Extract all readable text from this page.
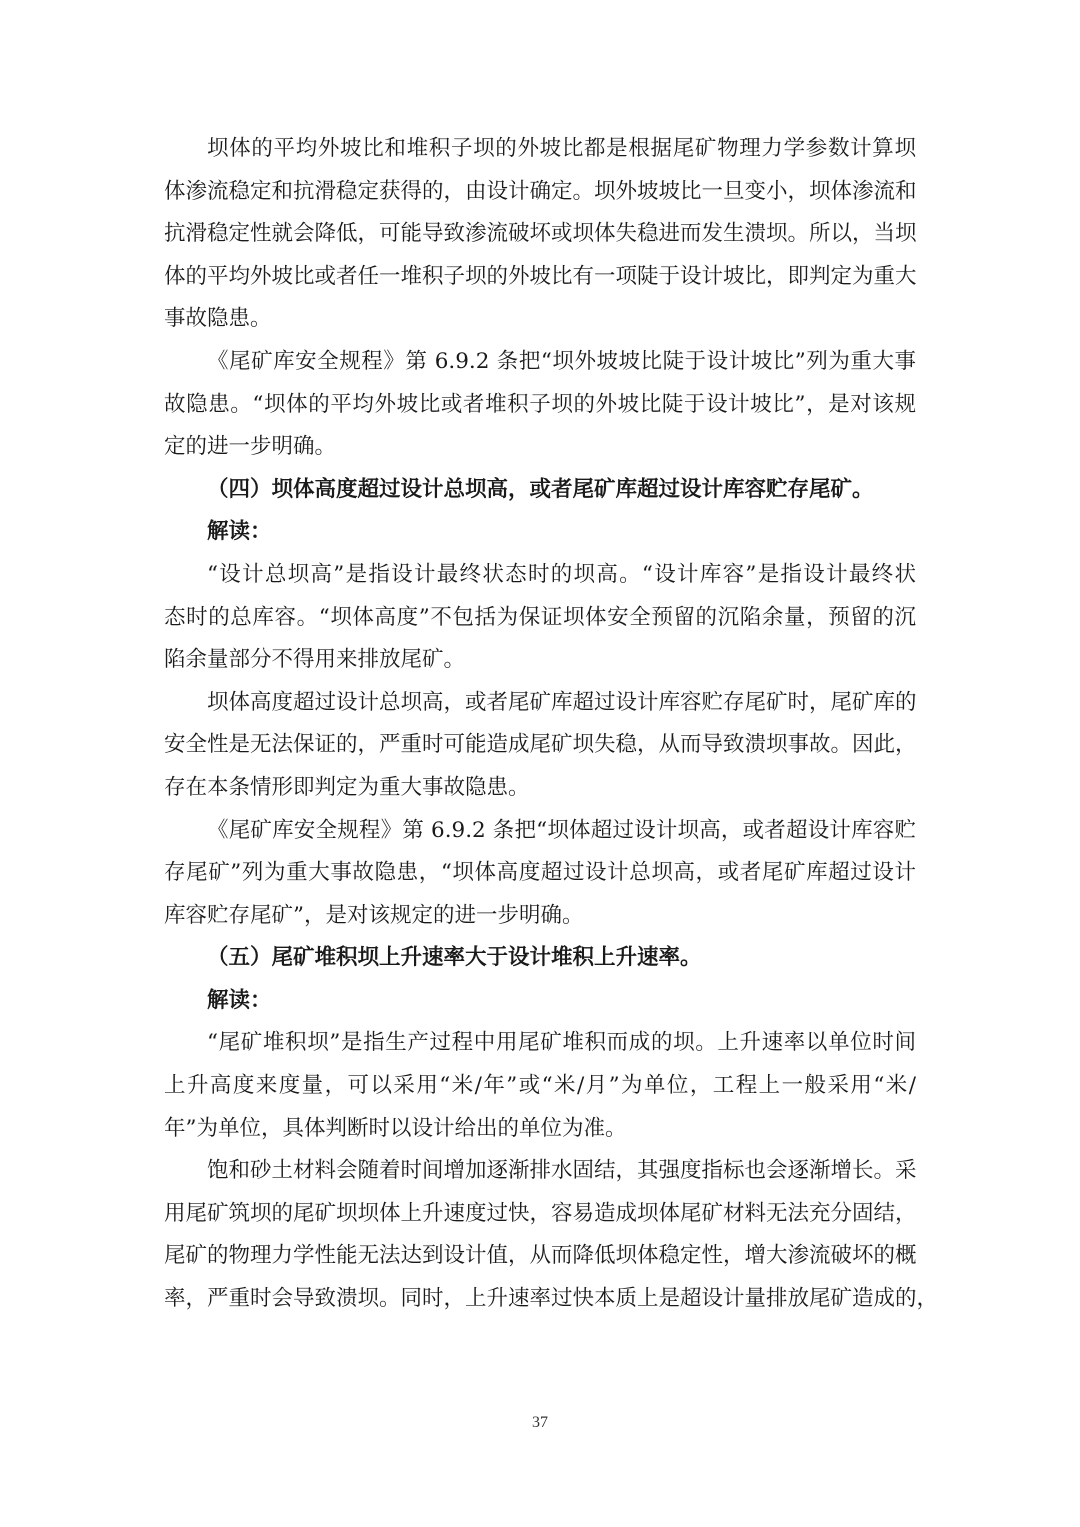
坝体的平均外坡比和堆积子坝的外坡比都是根据尾矿物理力学参数计算坝
体渗流稳定和抗滑稳定获得的，由设计确定。坝外坡坡比一旦变小，坝体渗流和
抗滑稳定性就会降低，可能导致渗流破坏或坝体失稳进而发生溃坝。所以，当坝
体的平均外坡比或者任一堆积子坝的外坡比有一项陡于设计坡比，即判定为重大
事故隐患。
《尾矿库安全规程》第 6.9.2 条把“坝外坡坡比陡于设计坡比”列为重大事
故隐患。“坝体的平均外坡比或者堆积子坝的外坡比陡于设计坡比”，是对该规
定的进一步明确。
（四）坝体高度超过设计总坝高，或者尾矿库超过设计库容贮存尾矿。
解读：
“设计总坝高”是指设计最终状态时的坝高。“设计库容”是指设计最终状
态时的总库容。“坝体高度”不包括为保证坝体安全预留的沉陷余量，预留的沉
陷余量部分不得用来排放尾矿。
坝体高度超过设计总坝高，或者尾矿库超过设计库容贮存尾矿时，尾矿库的
安全性是无法保证的，严重时可能造成尾矿坝失稳，从而导致溃坝事故。因此，
存在本条情形即判定为重大事故隐患。
《尾矿库安全规程》第 6.9.2 条把“坝体超过设计坝高，或者超设计库容贮
存尾矿”列为重大事故隐患，“坝体高度超过设计总坝高，或者尾矿库超过设计
库容贮存尾矿”，是对该规定的进一步明确。
（五）尾矿堆积坝上升速率大于设计堆积上升速率。
解读：
“尾矿堆积坝”是指生产过程中用尾矿堆积而成的坝。上升速率以单位时间
上升高度来度量，可以采用“米/年”或“米/月”为单位，工程上一般采用“米/
年”为单位，具体判断时以设计给出的单位为准。
饱和砂土材料会随着时间增加逐渐排水固结，其强度指标也会逐渐增长。采
用尾矿筑坝的尾矿坝坝体上升速度过快，容易造成坝体尾矿材料无法充分固结，
尾矿的物理力学性能无法达到设计值，从而降低坝体稳定性，增大渗流破坏的概
率，严重时会导致溃坝。同时，上升速率过快本质上是超设计量排放尾矿造成的，
37
